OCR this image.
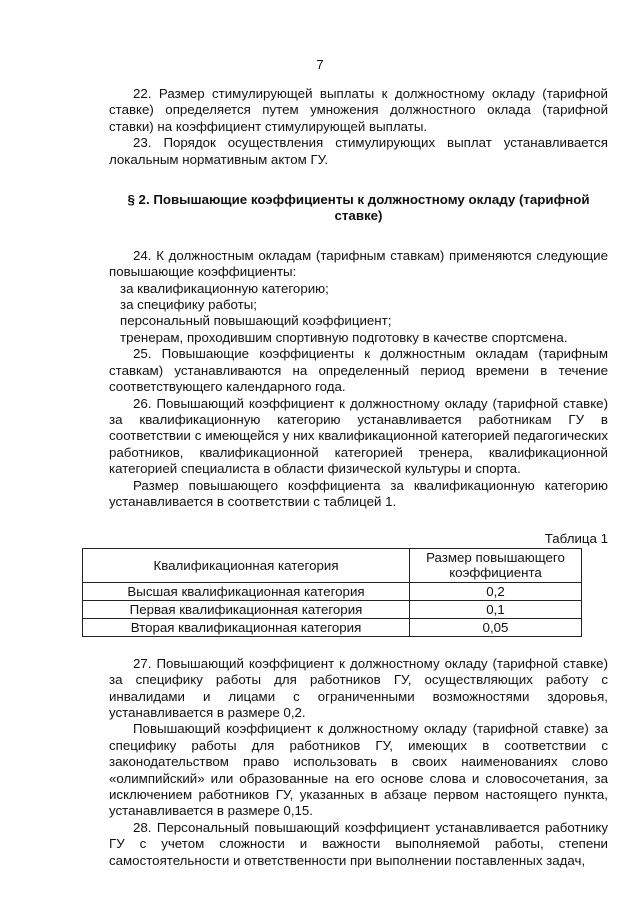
7

22. Размер стимулирующей выплаты к должностному окладу (тарифной ставке) определяется путем умножения должностного оклада (тарифной ставки) на коэффициент стимулирующей выплаты.

23. Порядок осуществления стимулирующих выплат устанавливается локальным нормативным актом ГУ.

§ 2. Повышающие коэффициенты к должностному окладу (тарифной ставке)

24. К должностным окладам (тарифным ставкам) применяются следующие повышающие коэффициенты:

за квалификационную категорию;

за специфику работы;

персональный повышающий коэффициент;

тренерам, проходившим спортивную подготовку в качестве спортсмена.

25. Повышающие коэффициенты к должностным окладам (тарифным ставкам) устанавливаются на определенный период времени в течение соответствующего календарного года.

26. Повышающий коэффициент к должностному окладу (тарифной ставке) за квалификационную категорию устанавливается работникам ГУ в соответствии с имеющейся у них квалификационной категорией педагогических работников, квалификационной категорией тренера, квалификационной категорией специалиста в области физической культуры и спорта.

Размер повышающего коэффициента за квалификационную категорию устанавливается в соответствии с таблицей 1.

Таблица 1

Квалификационная категория	Размер повышающего коэффициента
Высшая квалификационная категория	0,2
Первая квалификационная категория	0,1
Вторая квалификационная категория	0,05

27. Повышающий коэффициент к должностному окладу (тарифной ставке) за специфику работы для работников ГУ, осуществляющих работу с инвалидами и лицами с ограниченными возможностями здоровья, устанавливается в размере 0,2.

Повышающий коэффициент к должностному окладу (тарифной ставке) за специфику работы для работников ГУ, имеющих в соответствии с законодательством право использовать в своих наименованиях слово «олимпийский» или образованные на его основе слова и словосочетания, за исключением работников ГУ, указанных в абзаце первом настоящего пункта, устанавливается в размере 0,15.

28. Персональный повышающий коэффициент устанавливается работнику ГУ с учетом сложности и важности выполняемой работы, степени самостоятельности и ответственности при выполнении поставленных задач,
